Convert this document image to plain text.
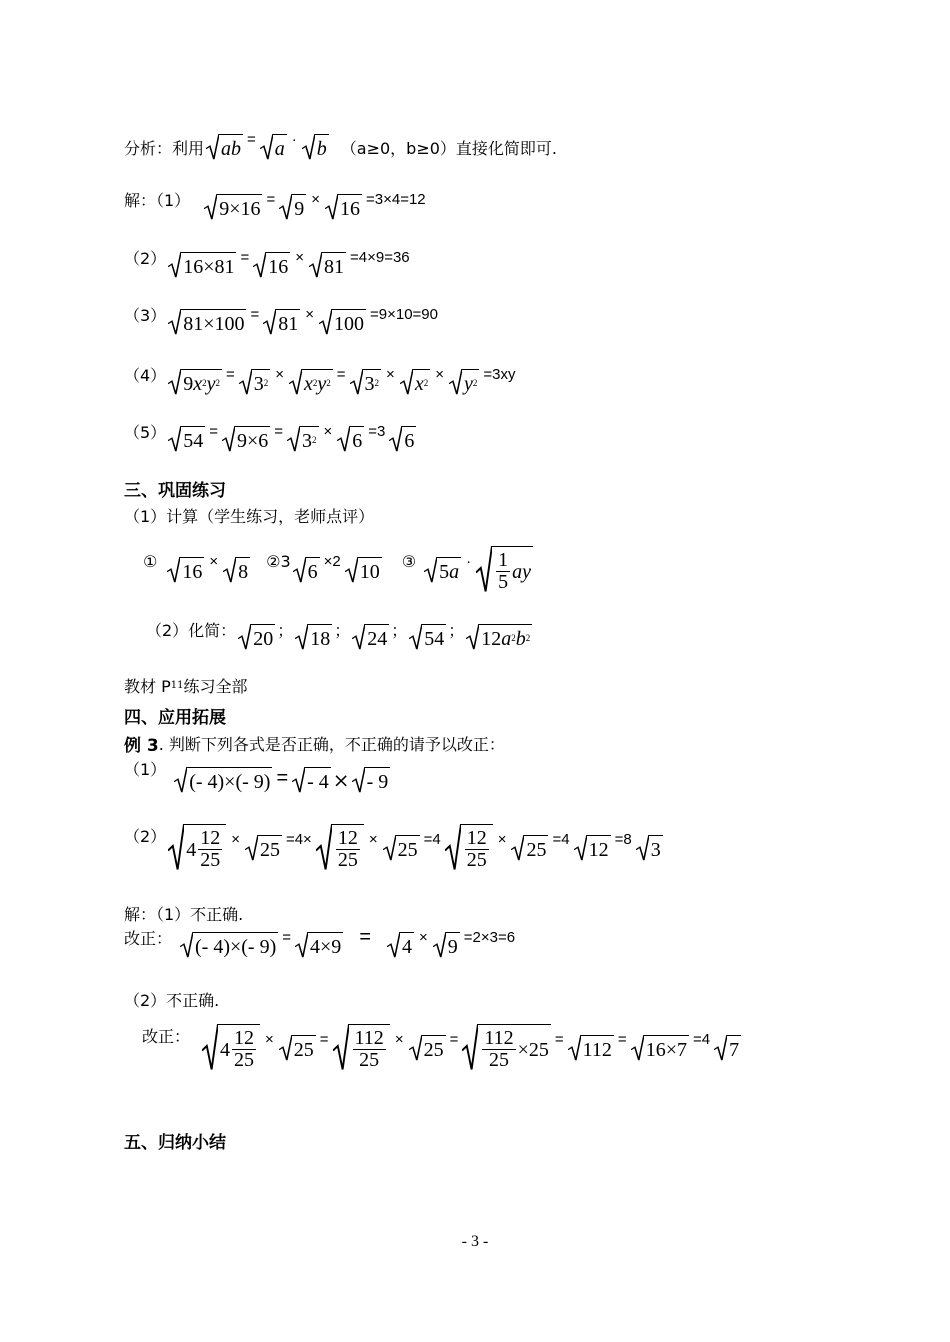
分析：利用 ab = a · b （a≥0，b≥0）直接化简即可.
解：（1） 9×16 = 9 × 16 =3×4=12
（2） 16×81 = 16 × 81 =4×9=36
（3） 81×100 = 81 × 100 =9×10=90
（4） 9 x 2 y 2
= 3 2
× x 2 y 2
= 3 2
× x 2
× y 2
=3xy
（5） 54 = 9×6 = 3 2
× 6 =3 6
三、巩固练习
（1）计算（学生练习，老师点评）
① 16 × 8 ②3 6 ×2 10 ③ 5 $a \cdot \frac{1}{5}$ ay
（2）化简： 20 ； 18 ； 24 ； 54 ； 12 a 2 b 2
教材 P 11 练习全部
四、应用拓展
例 3 . 判断下列各式是否正确，不正确的请予以改正：
（1）
(- 4)×(- 9) = - 4 × - 9
（2）
$4 \frac{12}{25} \times 25 =4\times \frac{12}{25} \times 25 =4 \frac{12}{25} \times 25 =4$ 12 =8 3
解：（1）不正确.
改正： (- 4)×(- 9) = 4×9 = 4 × 9 =2×3=6
（2）不正确.
改正：
$4 \frac{12}{25} \times 25 = \frac{112}{25} \times 25 = \frac{112}{25} \times 25 = 112 = 16\times 7 =4$ 7
五、归纳小结
- 3 -
